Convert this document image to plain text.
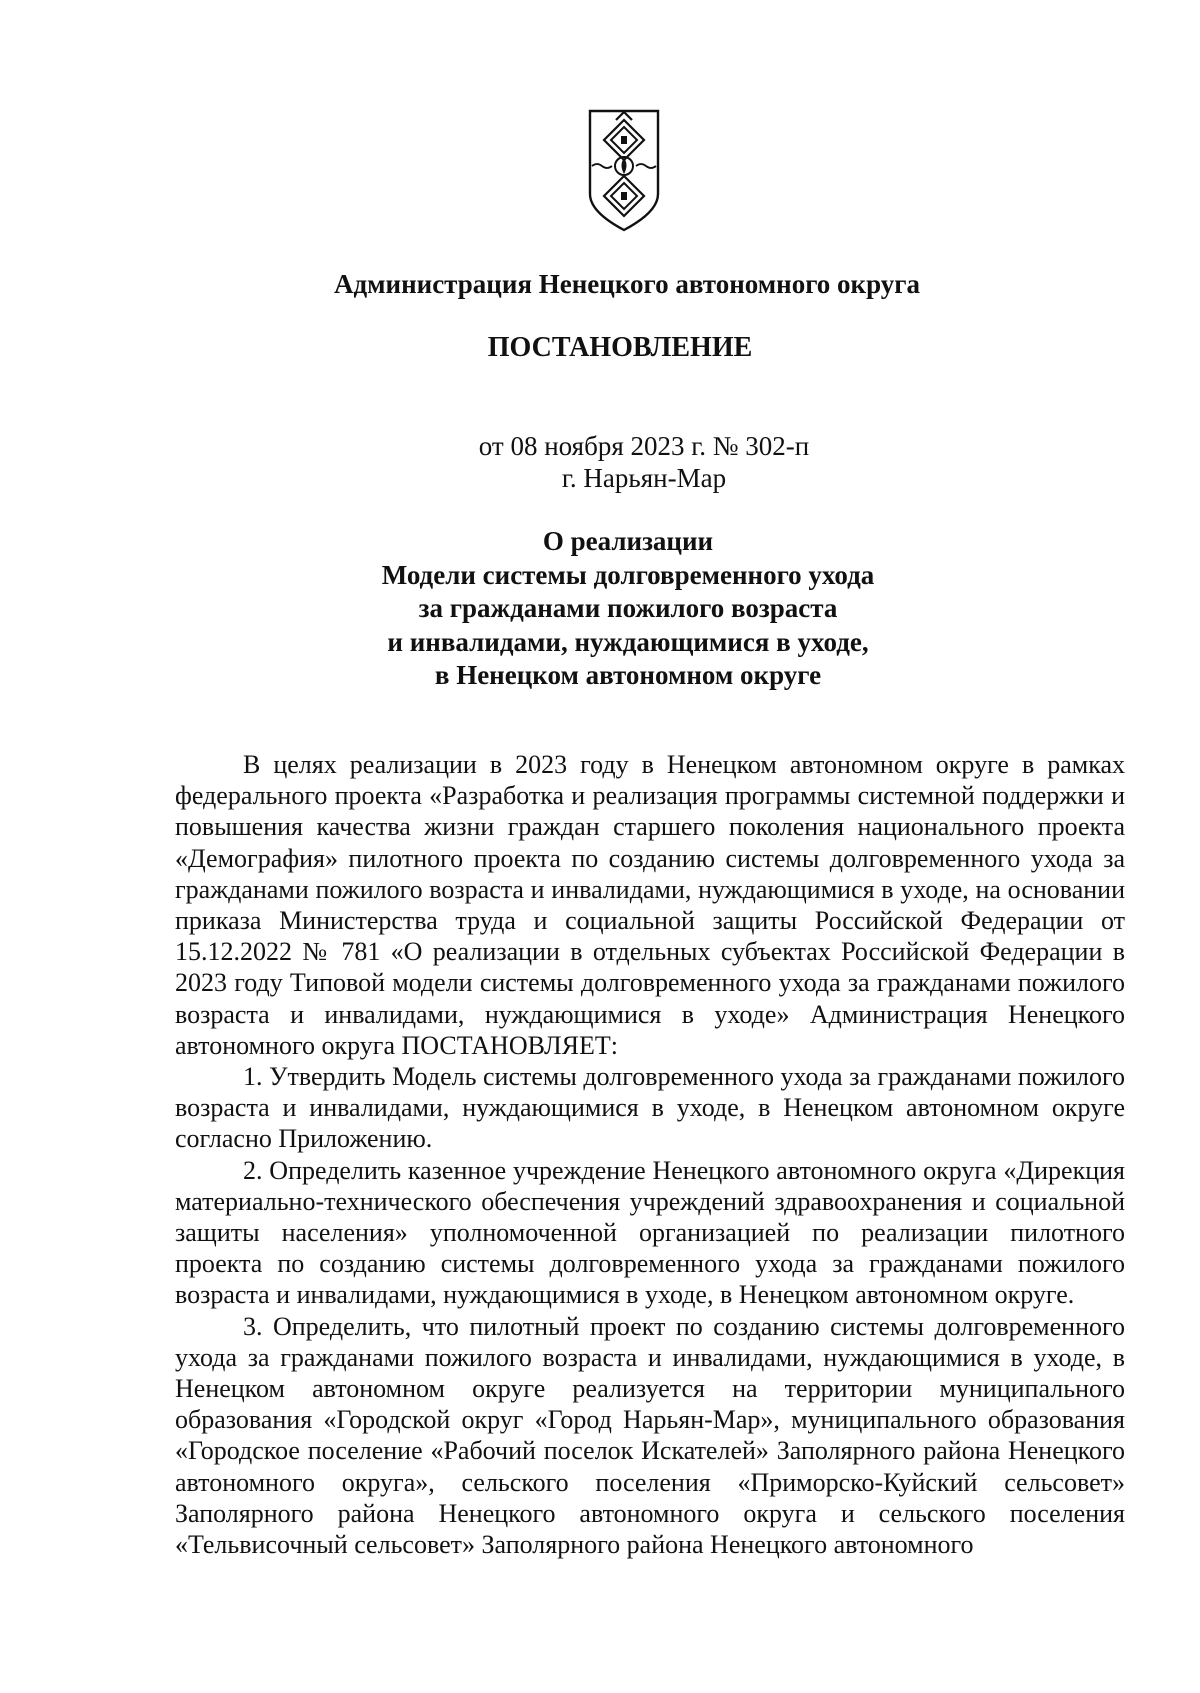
Администрация Ненецкого автономного округа
ПОСТАНОВЛЕНИЕ
от 08 ноября 2023 г. № 302-п
г. Нарьян-Мар
О реализации
Модели системы долговременного ухода
за гражданами пожилого возраста
и инвалидами, нуждающимися в уходе,
в Ненецком автономном округе

В целях реализации в 2023 году в Ненецком автономном округе в рамках федерального проекта «Разработка и реализация программы системной поддержки и повышения качества жизни граждан старшего поколения национального проекта «Демография» пилотного проекта по созданию системы долговременного ухода за гражданами пожилого возраста и инвалидами, нуждающимися в уходе, на основании приказа Министерства труда и социальной защиты Российской Федерации от 15.12.2022 № 781 «О реализации в отдельных субъектах Российской Федерации в 2023 году Типовой модели системы долговременного ухода за гражданами пожилого возраста и инвалидами, нуждающимися в уходе» Администрация Ненецкого автономного округа ПОСТАНОВЛЯЕТ:

1. Утвердить Модель системы долговременного ухода за гражданами пожилого возраста и инвалидами, нуждающимися в уходе, в Ненецком автономном округе согласно Приложению.

2. Определить казенное учреждение Ненецкого автономного округа «Дирекция материально-технического обеспечения учреждений здравоохранения и социальной защиты населения» уполномоченной организацией по реализации пилотного проекта по созданию системы долговременного ухода за гражданами пожилого возраста и инвалидами, нуждающимися в уходе, в Ненецком автономном округе.

3. Определить, что пилотный проект по созданию системы долговременного ухода за гражданами пожилого возраста и инвалидами, нуждающимися в уходе, в Ненецком автономном округе реализуется на территории муниципального образования «Городской округ «Город Нарьян-Мар», муниципального образования «Городское поселение «Рабочий поселок Искателей» Заполярного района Ненецкого автономного округа», сельского поселения «Приморско-Куйский сельсовет» Заполярного района Ненецкого автономного округа и сельского поселения «Тельвисочный сельсовет» Заполярного района Ненецкого автономного
